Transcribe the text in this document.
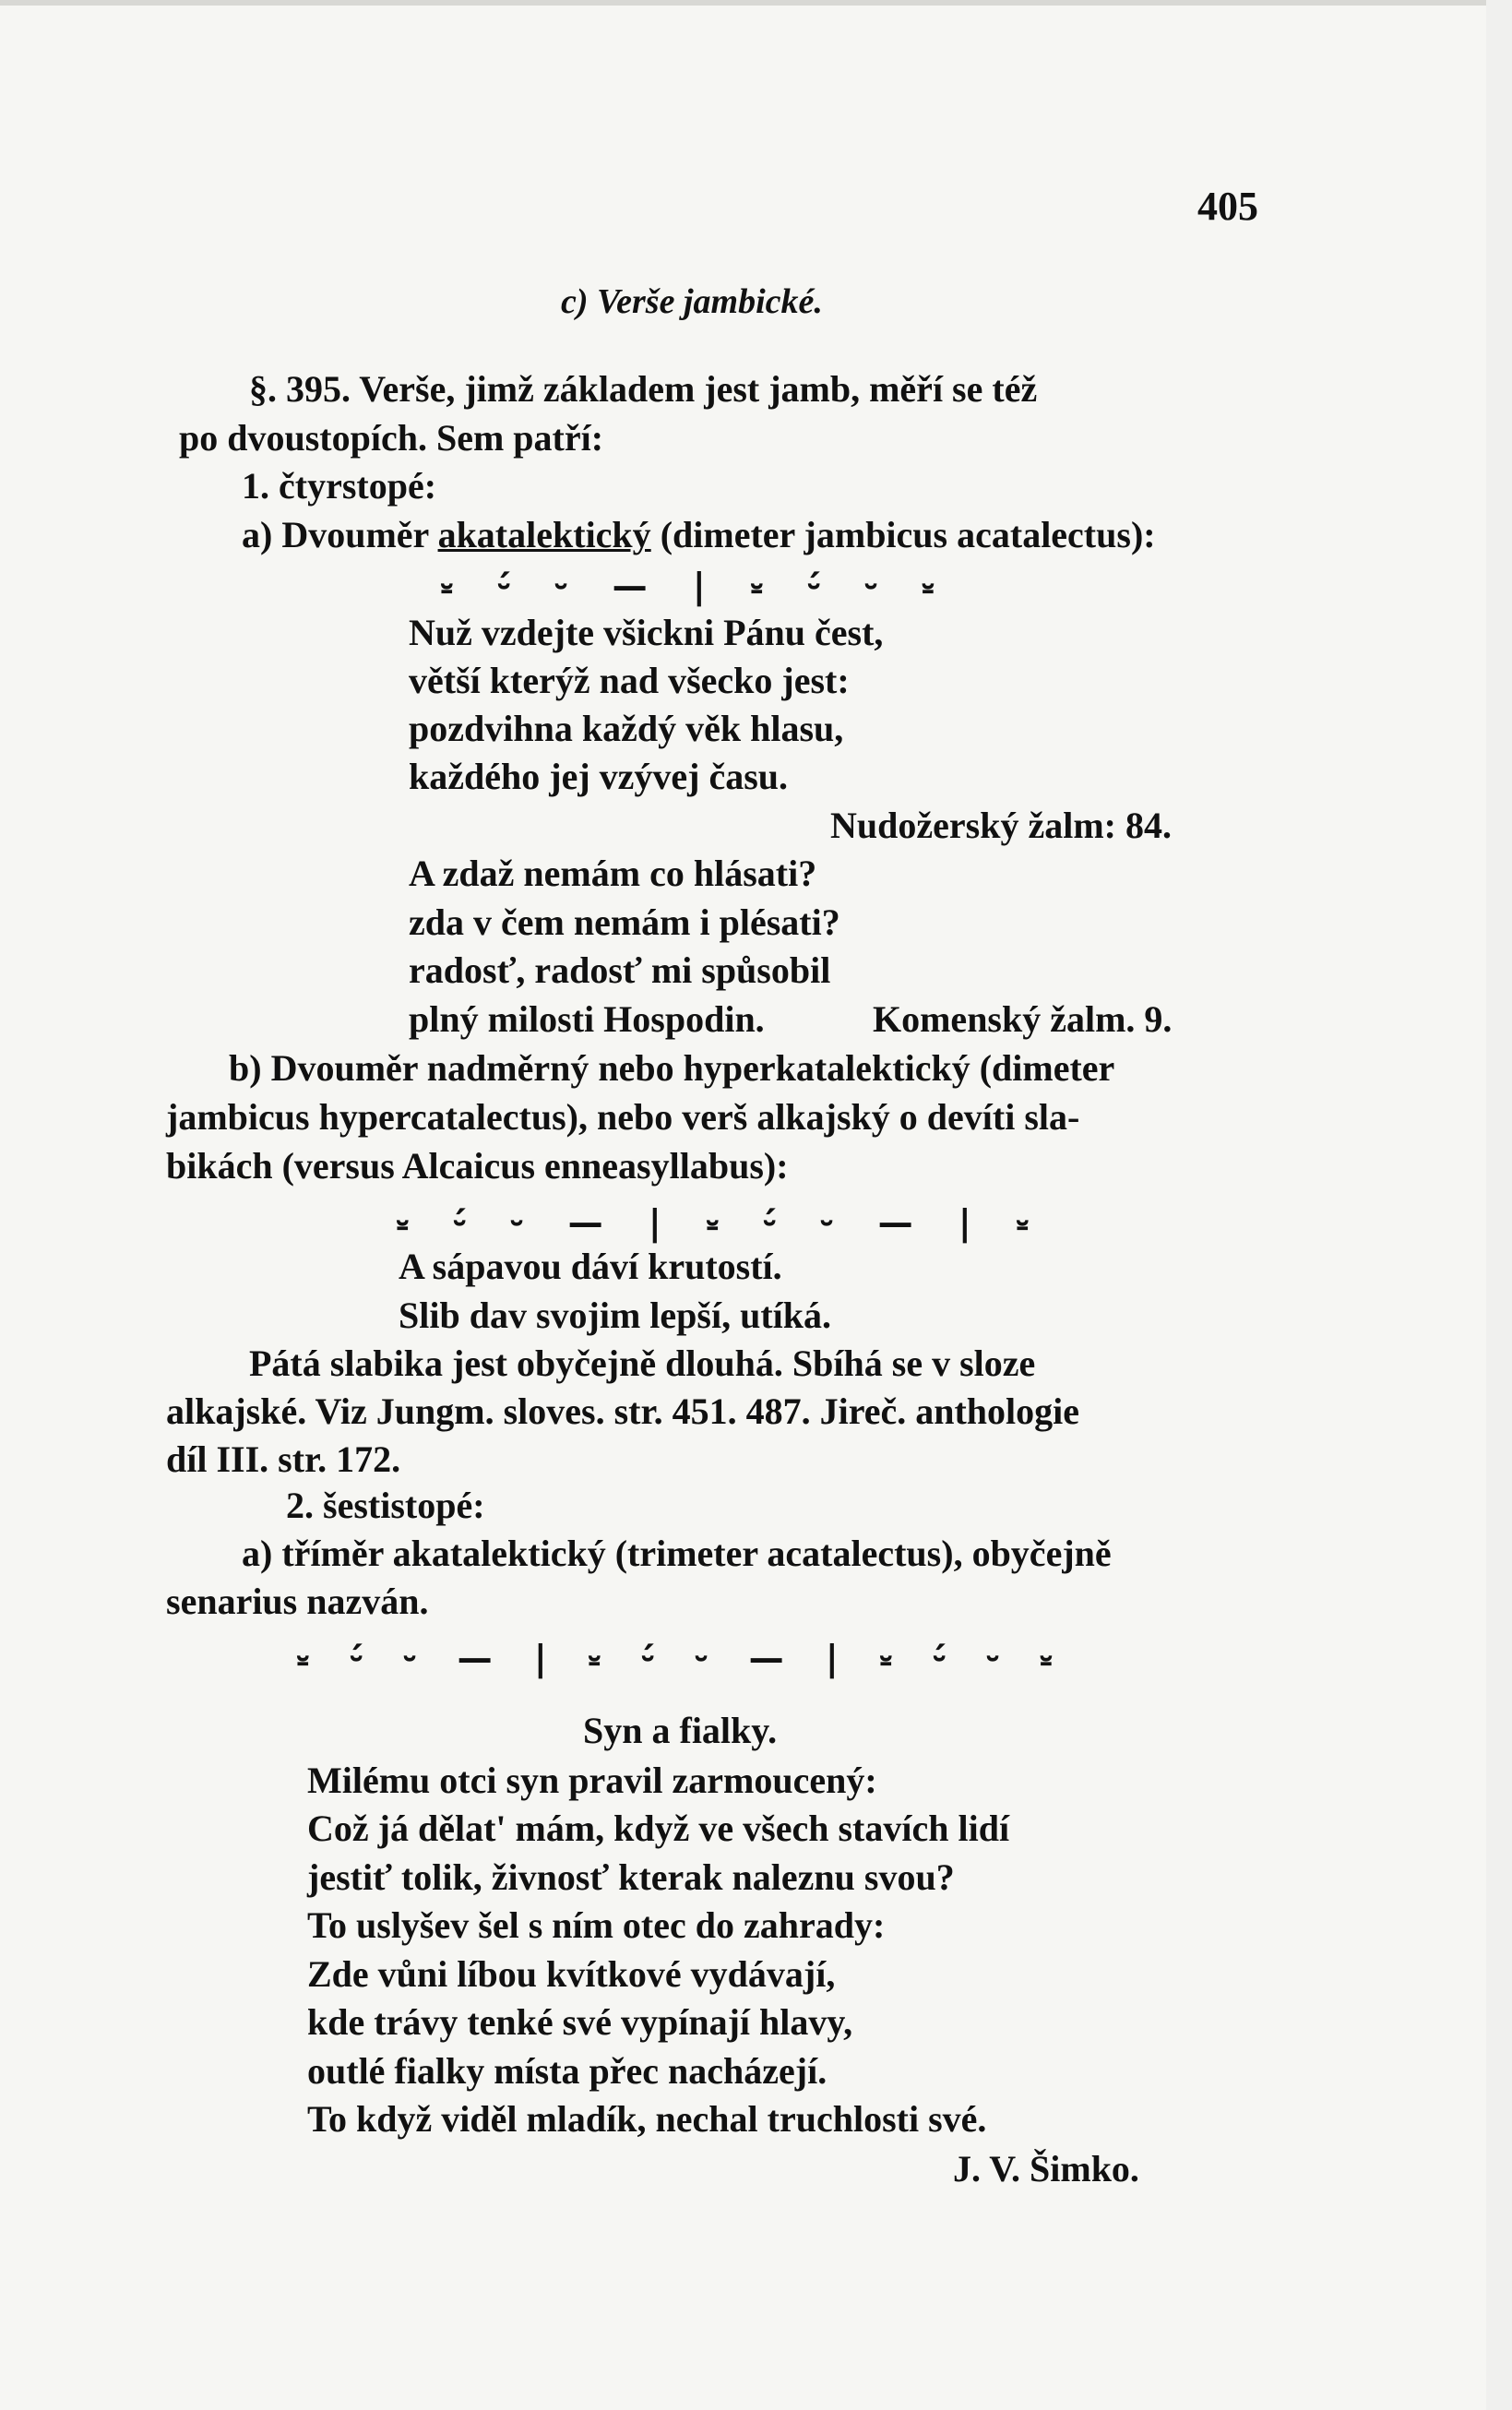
405
c) Verše jambické.
§. 395. Verše, jimž základem jest jamb, měří se též
po dvoustopích. Sem patří:
1. čtyrstopé:
a) Dvouměr akatalektický (dimeter jambicus acatalectus):
⏓ ⏑́ ⏑ — | ⏓ ⏑́ ⏑ ⏓
Nuž vzdejte všickni Pánu čest,
větší kterýž nad všecko jest:
pozdvihna každý věk hlasu,
každého jej vzývej času.
Nudožerský žalm: 84.
A zdaž nemám co hlásati?
zda v čem nemám i plésati?
radosť, radosť mi spůsobil
plný milosti Hospodin.	Komenský žalm. 9.
b) Dvouměr nadměrný nebo hyperkatalektický (dimeter
jambicus hypercatalectus), nebo verš alkajský o devíti sla-
bikách (versus Alcaicus enneasyllabus):
⏓ ⏑́ ⏑ — | ⏓ ⏑́ ⏑ — | ⏓
A sápavou dáví krutostí.
Slib dav svojim lepší, utíká.
Pátá slabika jest obyčejně dlouhá. Sbíhá se v sloze
alkajské. Viz Jungm. sloves. str. 451. 487. Jireč. anthologie
díl III. str. 172.
2. šestistopé:
a) tříměr akatalektický (trimeter acatalectus), obyčejně
senarius nazván.
⏓ ⏑́ ⏑ — | ⏓ ⏑́ ⏑ — | ⏓ ⏑́ ⏑ ⏓
Syn a fialky.
Milému otci syn pravil zarmoucený:
Což já dělat' mám, když ve všech stavích lidí
jestiť tolik, živnosť kterak naleznu svou?
To uslyšev šel s ním otec do zahrady:
Zde vůni líbou kvítkové vydávají,
kde trávy tenké své vypínají hlavy,
outlé fialky místa přec nacházejí.
To když viděl mladík, nechal truchlosti své.
J. V. Šimko.
